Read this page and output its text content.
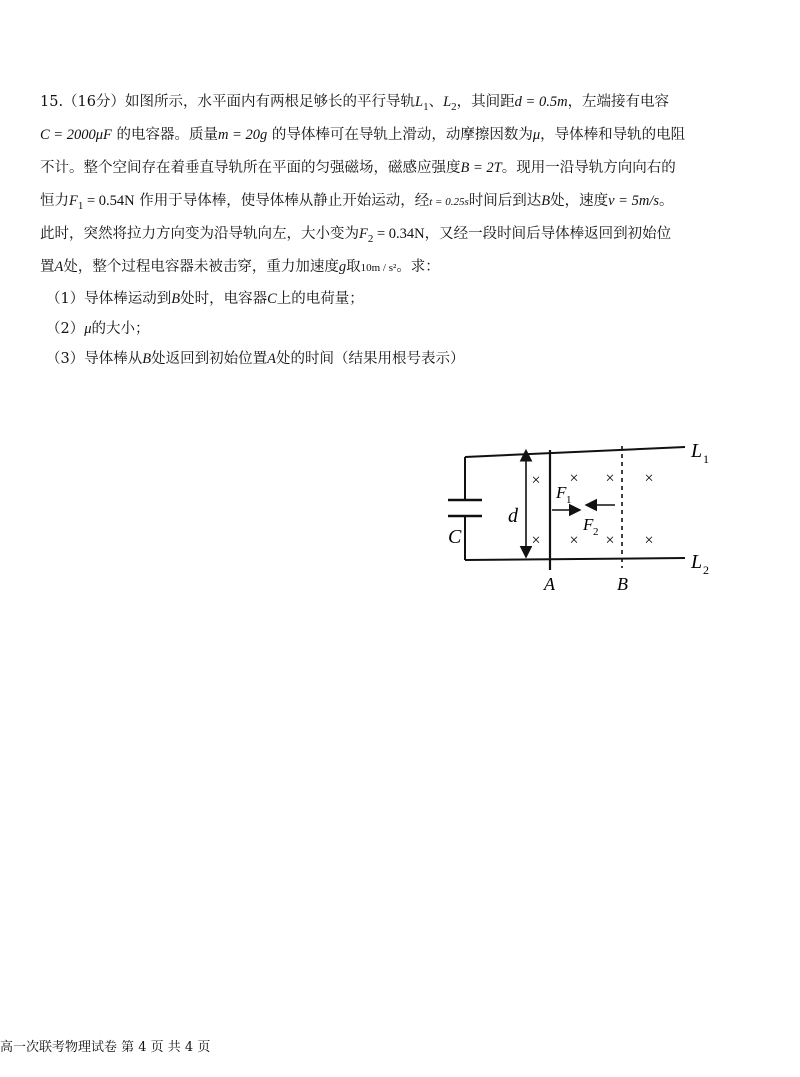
15.（16分）如图所示，水平面内有两根足够长的平行导轨$L_1$、$L_2$，其间距d = 0.5m，左端接有电容
C = 2000μF 的电容器。质量m = 20g 的导体棒可在导轨上滑动，动摩擦因数为μ，导体棒和导轨的电阻
不计。整个空间存在着垂直导轨所在平面的匀强磁场，磁感应强度B = 2T。现用一沿导轨方向向右的
恒力$F_1 = 0.54N$ 作用于导体棒，使导体棒从静止开始运动，经t = 0.25s时间后到达B处，速度v = 5m/s。
此时，突然将拉力方向变为沿导轨向左，大小变为$F_2 = 0.34N$，又经一段时间后导体棒返回到初始位
置A处，整个过程电容器未被击穿，重力加速度g取10m / s²。求：
（1）导体棒运动到B处时，电容器C上的电荷量；
（2）μ的大小；
（3）导体棒从B处返回到初始位置A处的时间（结果用根号表示）
× × × ×
× × × ×
C
d
A	B
L 1
L 2
F 1
F 2
高一次联考物理试卷 第 4 页 共 4 页
